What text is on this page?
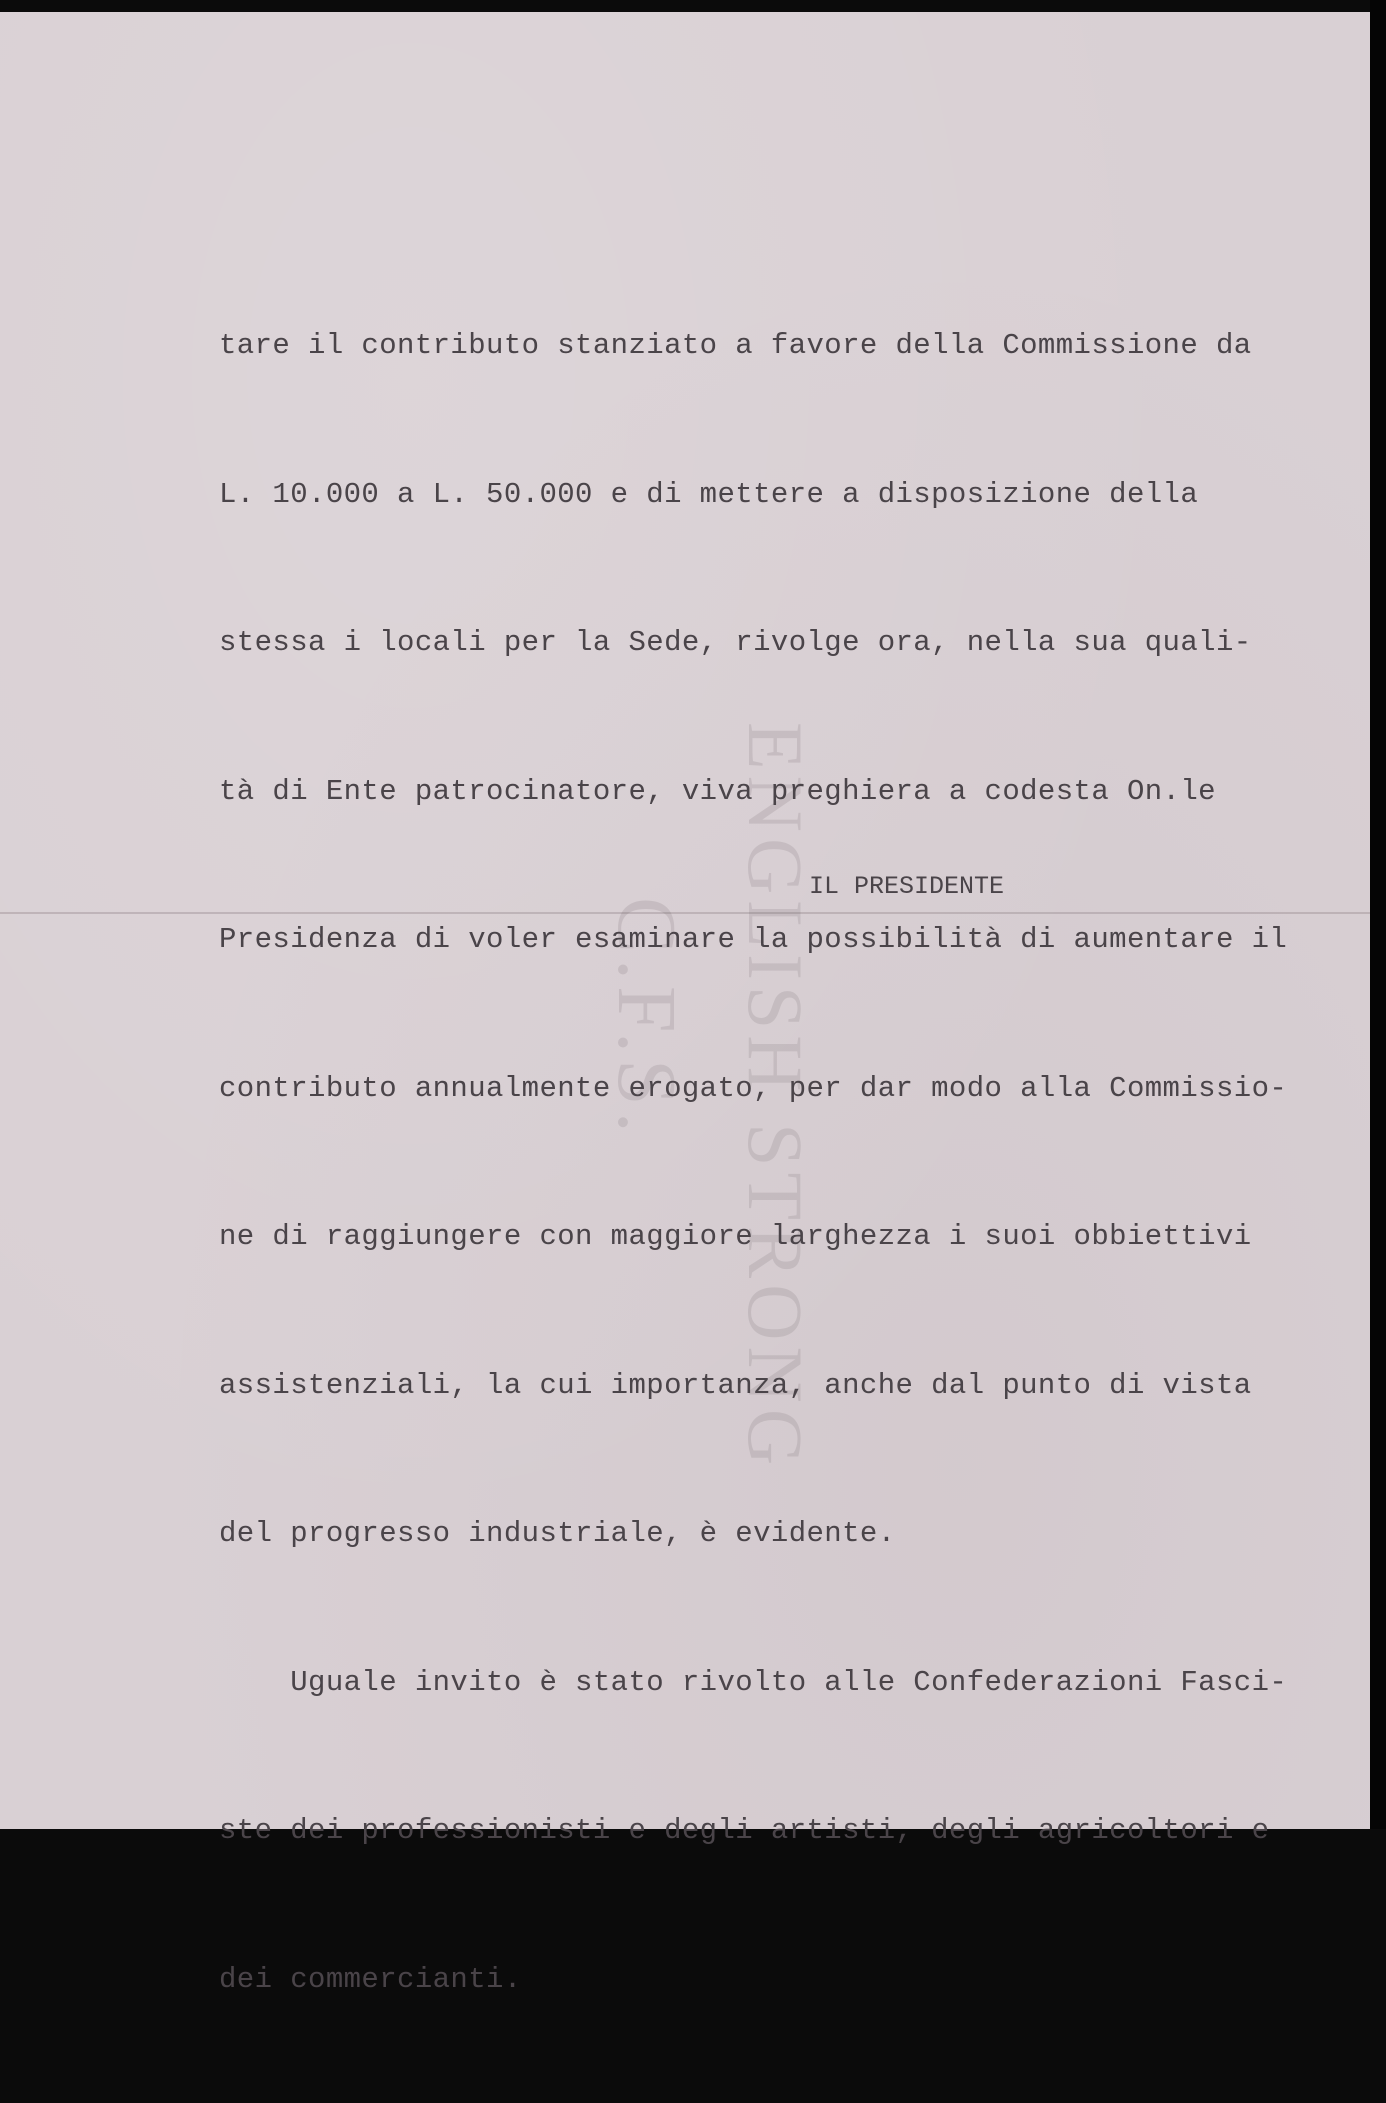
ENGLISH STRONG
C.F.S.

tare il contributo stanziato a favore della Commissione da

L. 10.000 a L. 50.000 e di mettere a disposizione della

stessa i locali per la Sede, rivolge ora, nella sua quali-

tà di Ente patrocinatore, viva preghiera a codesta On.le

Presidenza di voler esaminare la possibilità di aumentare il

contributo annualmente erogato, per dar modo alla Commissio-

ne di raggiungere con maggiore larghezza i suoi obbiettivi

assistenziali, la cui importanza, anche dal punto di vista

del progresso industriale, è evidente.

Uguale invito è stato rivolto alle Confederazioni Fasci-

ste dei professionisti e degli artisti, degli agricoltori e

dei commercianti.

IL PRESIDENTE
